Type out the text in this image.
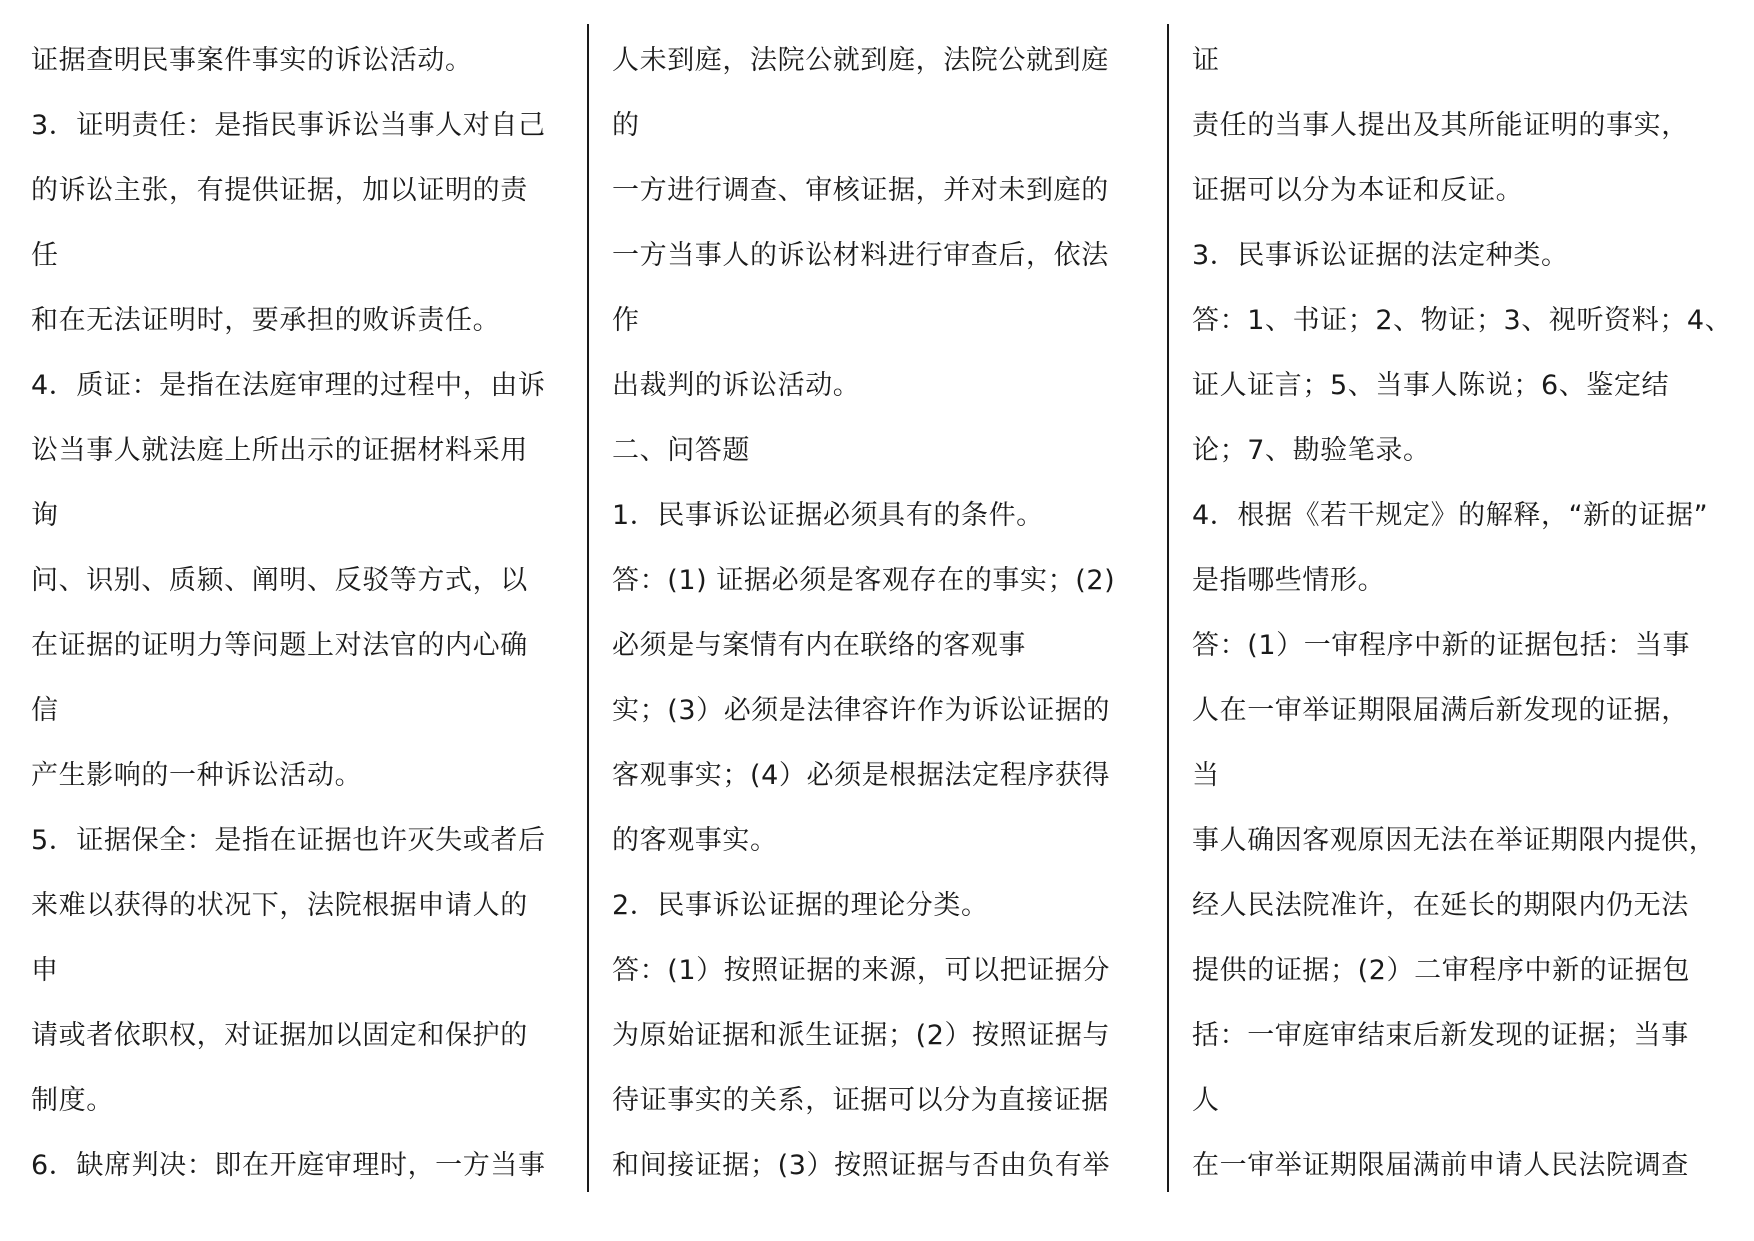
证据查明民事案件事实的诉讼活动。
3．证明责任：是指民事诉讼当事人对自己
的诉讼主张，有提供证据，加以证明的责
任
和在无法证明时，要承担的败诉责任。
4．质证：是指在法庭审理的过程中，由诉
讼当事人就法庭上所出示的证据材料采用
询
问、识别、质颍、阐明、反驳等方式，以
在证据的证明力等问题上对法官的内心确
信
产生影响的一种诉讼活动。
5．证据保全：是指在证据也许灭失或者后
来难以获得的状况下，法院根据申请人的
申
请或者依职权，对证据加以固定和保护的
制度。
6．缺席判决：即在开庭审理时，一方当事
人未到庭，法院公就到庭，法院公就到庭
的
一方进行调查、审核证据，并对未到庭的
一方当事人的诉讼材料进行审查后，依法
作
出裁判的诉讼活动。
二、问答题
1．民事诉讼证据必须具有的条件。
答：(1) 证据必须是客观存在的事实；(2)
必须是与案情有内在联络的客观事
实；(3）必须是法律容许作为诉讼证据的
客观事实；(4）必须是根据法定程序获得
的客观事实。
2．民事诉讼证据的理论分类。
答：(1）按照证据的来源，可以把证据分
为原始证据和派生证据；(2）按照证据与
待证事实的关系，证据可以分为直接证据
和间接证据；(3）按照证据与否由负有举
证
责任的当事人提出及其所能证明的事实，
证据可以分为本证和反证。
3．民事诉讼证据的法定种类。
答：1、书证；2、物证；3、视听资料；4、
证人证言；5、当事人陈说；6、鉴定结
论；7、勘验笔录。
4．根据《若干规定》的解释，“新的证据”
是指哪些情形。
答：(1）一审程序中新的证据包括：当事
人在一审举证期限届满后新发现的证据，
当
事人确因客观原因无法在举证期限内提供，
经人民法院准许，在延长的期限内仍无法
提供的证据；(2）二审程序中新的证据包
括：一审庭审结束后新发现的证据；当事
人
在一审举证期限届满前申请人民法院调查
